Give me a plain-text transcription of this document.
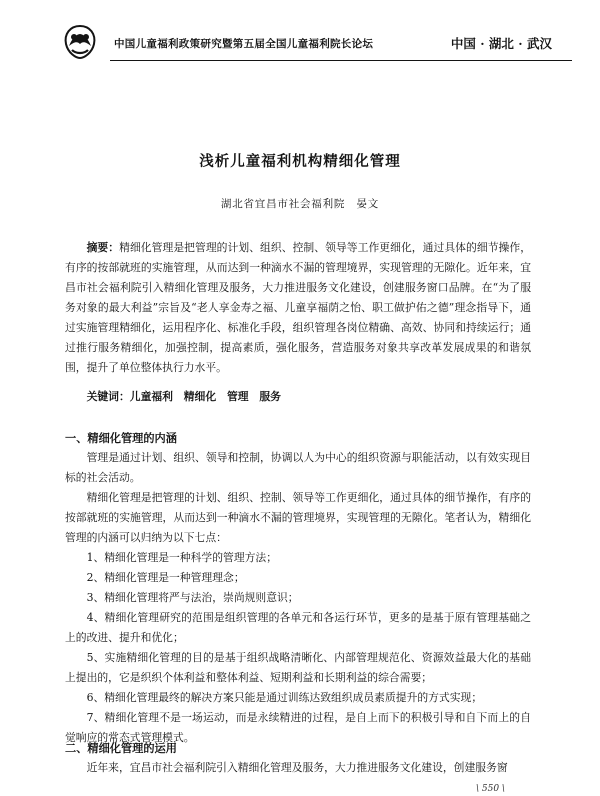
中国儿童福利政策研究暨第五届全国儿童福利院长论坛	中国 · 湖北 · 武汉
浅析儿童福利机构精细化管理
湖北省宜昌市社会福利院　晏文

摘要：精细化管理是把管理的计划、组织、控制、领导等工作更细化，通过具体的细节操作，有序的按部就班的实施管理，从而达到一种滴水不漏的管理境界，实现管理的无隙化。近年来，宜昌市社会福利院引入精细化管理及服务，大力推进服务文化建设，创建服务窗口品牌。在“为了服务对象的最大利益”宗旨及“老人享金寿之福、儿童享福荫之怡、职工做护佑之德”理念指导下，通过实施管理精细化，运用程序化、标准化手段，组织管理各岗位精确、高效、协同和持续运行；通过推行服务精细化，加强控制，提高素质，强化服务，营造服务对象共享改革发展成果的和谐氛围，提升了单位整体执行力水平。

关键词：儿童福利　精细化　管理　服务

一、精细化管理的内涵

管理是通过计划、组织、领导和控制，协调以人为中心的组织资源与职能活动，以有效实现目标的社会活动。

精细化管理是把管理的计划、组织、控制、领导等工作更细化，通过具体的细节操作，有序的按部就班的实施管理，从而达到一种滴水不漏的管理境界，实现管理的无隙化。笔者认为，精细化管理的内涵可以归纳为以下七点：

1、精细化管理是一种科学的管理方法；

2、精细化管理是一种管理理念；

3、精细化管理将严与法治，崇尚规则意识；

4、精细化管理研究的范围是组织管理的各单元和各运行环节，更多的是基于原有管理基础之上的改进、提升和优化；

5、实施精细化管理的目的是基于组织战略清晰化、内部管理规范化、资源效益最大化的基础上提出的，它是织织个体利益和整体利益、短期利益和长期利益的综合需要；

6、精细化管理最终的解决方案只能是通过训练达致组织成员素质提升的方式实现；

7、精细化管理不是一场运动，而是永续精进的过程，是自上而下的积极引导和自下而上的自觉响应的常态式管理模式。

二、精细化管理的运用

近年来，宜昌市社会福利院引入精细化管理及服务，大力推进服务文化建设，创建服务窗

\ 550 \
